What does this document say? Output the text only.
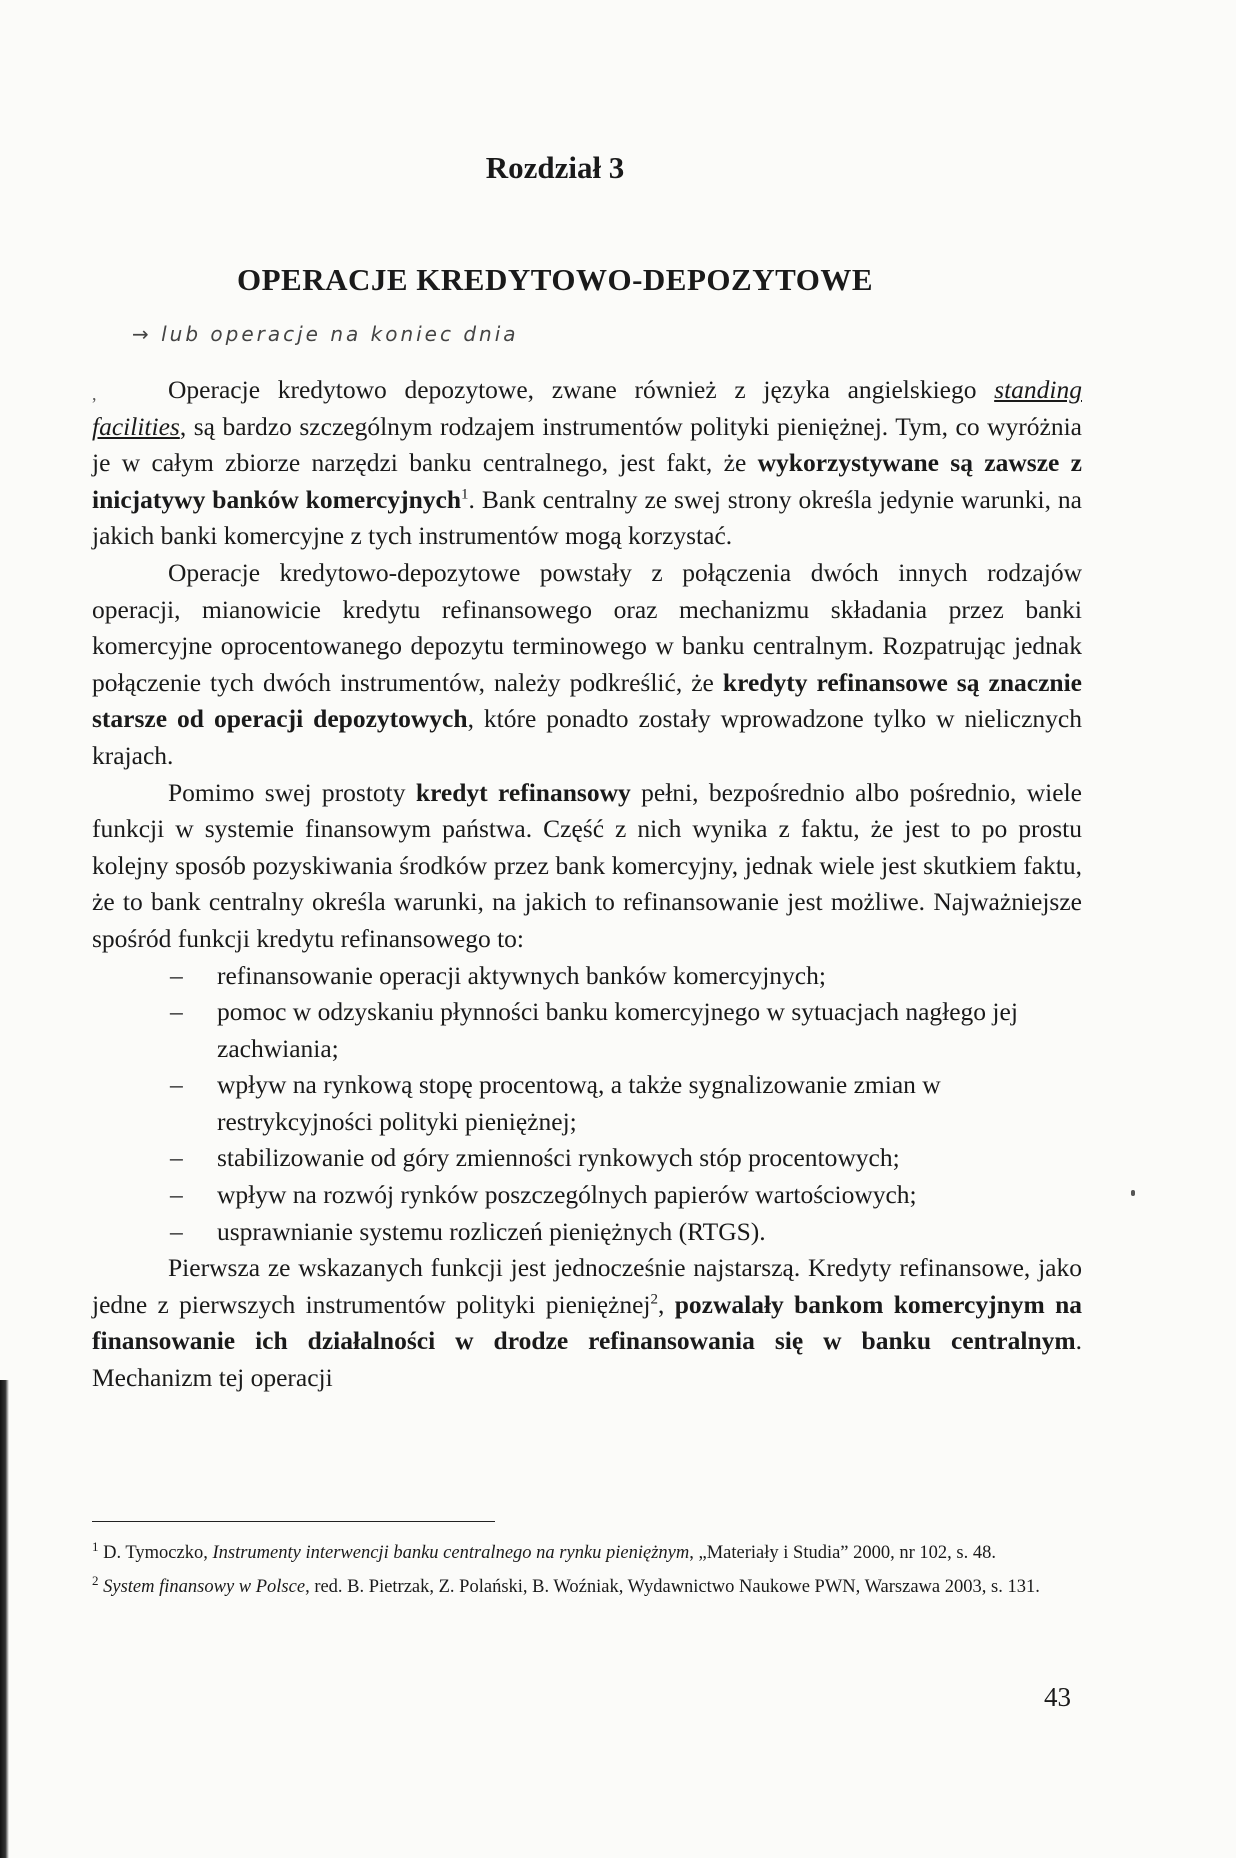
Rozdział 3
OPERACJE KREDYTOWO-DEPOZYTOWE
→ lub operacje na koniec dnia
,	Operacje kredytowo depozytowe, zwane również z języka angielskiego standing facilities, są bardzo szczególnym rodzajem instrumentów polityki pieniężnej. Tym, co wyróżnia je w całym zbiorze narzędzi banku centralnego, jest fakt, że wykorzystywane są zawsze z inicjatywy banków komercyjnych$^1$. Bank centralny ze swej strony określa jedynie warunki, na jakich banki komercyjne z tych instrumentów mogą korzystać.

Operacje kredytowo-depozytowe powstały z połączenia dwóch innych rodzajów operacji, mianowicie kredytu refinansowego oraz mechanizmu składania przez banki komercyjne oprocentowanego depozytu terminowego w banku centralnym. Rozpatrując jednak połączenie tych dwóch instrumentów, należy podkreślić, że kredyty refinansowe są znacznie starsze od operacji depozytowych, które ponadto zostały wprowadzone tylko w nielicznych krajach.

Pomimo swej prostoty kredyt refinansowy pełni, bezpośrednio albo pośrednio, wiele funkcji w systemie finansowym państwa. Część z nich wynika z faktu, że jest to po prostu kolejny sposób pozyskiwania środków przez bank komercyjny, jednak wiele jest skutkiem faktu, że to bank centralny określa warunki, na jakich to refinansowanie jest możliwe. Najważniejsze spośród funkcji kredytu refinansowego to:

– refinansowanie operacji aktywnych banków komercyjnych;
– pomoc w odzyskaniu płynności banku komercyjnego w sytuacjach nagłego jej zachwiania;
– wpływ na rynkową stopę procentową, a także sygnalizowanie zmian w restrykcyjności polityki pieniężnej;
– stabilizowanie od góry zmienności rynkowych stóp procentowych;
– wpływ na rozwój rynków poszczególnych papierów wartościowych;
– usprawnianie systemu rozliczeń pieniężnych (RTGS).

Pierwsza ze wskazanych funkcji jest jednocześnie najstarszą. Kredyty refinansowe, jako jedne z pierwszych instrumentów polityki pieniężnej$^2$, pozwalały bankom komercyjnym na finansowanie ich działalności w drodze refinansowania się w banku centralnym. Mechanizm tej operacji

$^1$ D. Tymoczko, Instrumenty interwencji banku centralnego na rynku pieniężnym, „Materiały i Studia” 2000, nr 102, s. 48.

$^2$ System finansowy w Polsce, red. B. Pietrzak, Z. Polański, B. Woźniak, Wydawnictwo Naukowe PWN, Warszawa 2003, s. 131.

43
